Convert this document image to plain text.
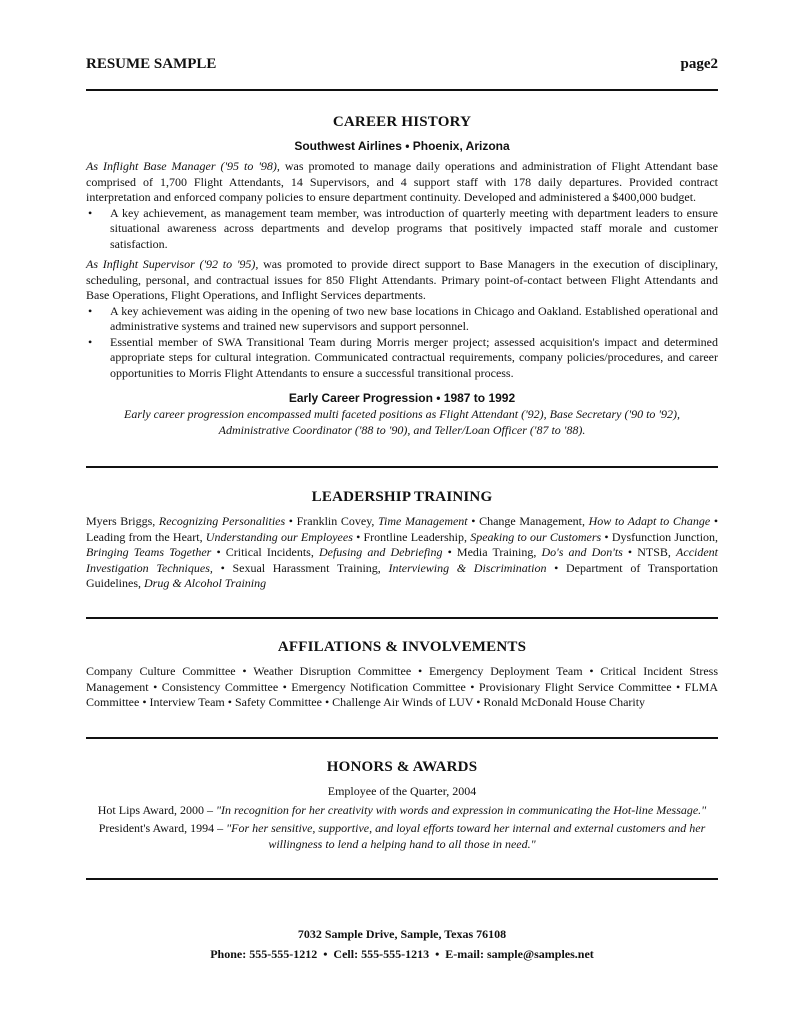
RESUME SAMPLE	page2
CAREER HISTORY
Southwest Airlines • Phoenix, Arizona

As Inflight Base Manager ('95 to '98), was promoted to manage daily operations and administration of Flight Attendant base comprised of 1,700 Flight Attendants, 14 Supervisors, and 4 support staff with 178 daily departures. Provided contract interpretation and enforced company policies to ensure department continuity. Developed and administered a $400,000 budget.

•	A key achievement, as management team member, was introduction of quarterly meeting with department leaders to ensure situational awareness across departments and develop programs that positively impacted staff morale and customer satisfaction.

As Inflight Supervisor ('92 to '95), was promoted to provide direct support to Base Managers in the execution of disciplinary, scheduling, personal, and contractual issues for 850 Flight Attendants. Primary point-of-contact between Flight Attendants and Base Operations, Flight Operations, and Inflight Services departments.

•	A key achievement was aiding in the opening of two new base locations in Chicago and Oakland. Established operational and administrative systems and trained new supervisors and support personnel.
•	Essential member of SWA Transitional Team during Morris merger project; assessed acquisition's impact and determined appropriate steps for cultural integration. Communicated contractual requirements, company policies/procedures, and career opportunities to Morris Flight Attendants to ensure a successful transitional process.
Early Career Progression • 1987 to 1992
Early career progression encompassed multi faceted positions as Flight Attendant ('92), Base Secretary ('90 to '92),
Administrative Coordinator ('88 to '90), and Teller/Loan Officer ('87 to '88).
LEADERSHIP TRAINING

Myers Briggs, Recognizing Personalities • Franklin Covey, Time Management • Change Management, How to Adapt to Change • Leading from the Heart, Understanding our Employees • Frontline Leadership, Speaking to our Customers • Dysfunction Junction, Bringing Teams Together • Critical Incidents, Defusing and Debriefing • Media Training, Do's and Don'ts • NTSB, Accident Investigation Techniques, • Sexual Harassment Training, Interviewing & Discrimination • Department of Transportation Guidelines, Drug & Alcohol Training

AFFILATIONS & INVOLVEMENTS

Company Culture Committee • Weather Disruption Committee • Emergency Deployment Team • Critical Incident Stress Management • Consistency Committee • Emergency Notification Committee • Provisionary Flight Service Committee • FLMA Committee • Interview Team • Safety Committee • Challenge Air Winds of LUV • Ronald McDonald House Charity

HONORS & AWARDS
Employee of the Quarter, 2004
Hot Lips Award, 2000 – "In recognition for her creativity with words and expression in communicating the Hot-line Message."
President's Award, 1994 – "For her sensitive, supportive, and loyal efforts toward her internal and external customers and her
willingness to lend a helping hand to all those in need."
7032 Sample Drive, Sample, Texas 76108
Phone: 555-555-1212 • Cell: 555-555-1213 • E-mail: sample@samples.net
